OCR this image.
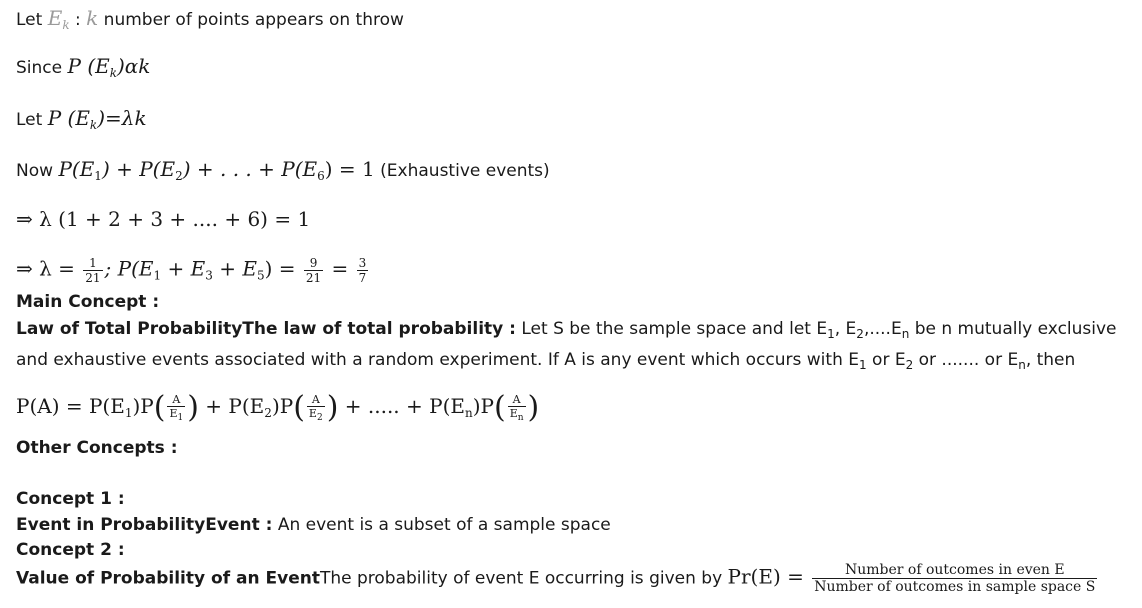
Let $E_k$ : k number of points appears on throw
Since P $(E_k)\alpha k$
Let P $(E_k)=\lambda k$
Now $P(E_1) + P(E_2)$ + . . . + $P(E_6) = 1$ (Exhaustive events)
⇒ λ (1 + 2 + 3 + .... + 6) = 1
⇒ $\lambda = \frac{1}{21}$ ; $P(E_1 + E_3 + E_5) = \frac{9}{21} = \frac{3}{7}$
Main Concept :
Law of Total ProbabilityThe law of total probability : Let S be the sample space and let $E_1$, $E_2,....E_n$ be n mutually exclusive and exhaustive events associated with a random experiment. If A is any event which occurs with $E_1$ or $E_2$ or ....... or $E_n$, then
$P(A) = P(E_1)P( \frac{A}{E_1}$ ) + $P(E_2)P( \frac{A}{E_2}$ ) + ..... + $P(E_n)P( \frac{A}{E_n}$ )
Other Concepts :
Concept 1 :
Event in ProbabilityEvent : An event is a subset of a sample space
Concept 2 :
Value of Probability of an EventThe probability of event E occurring is given by $Pr(E) = \frac{\text{Number of outcomes in even E}}{\text{Number of outcomes in sample space S}}$
